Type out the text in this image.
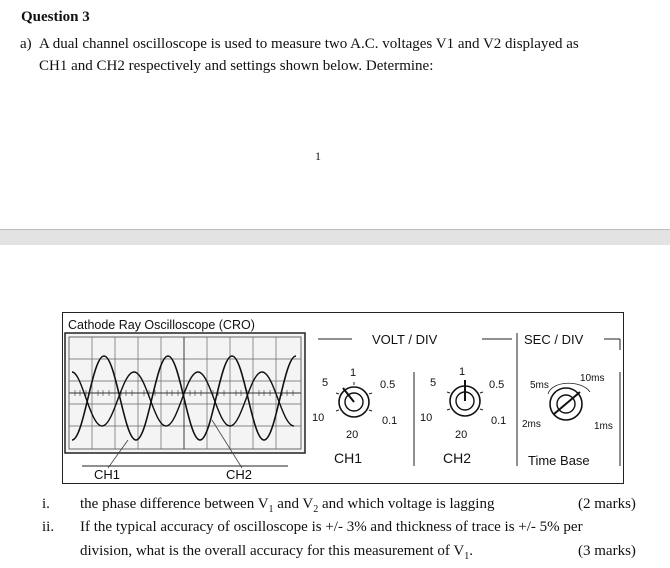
Question 3
a) A dual channel oscilloscope is used to measure two A.C. voltages V1 and V2 displayed as
CH1 and CH2 respectively and settings shown below. Determine:
1
Cathode Ray Oscilloscope (CRO)
CH1	CH2
VOLT / DIV	SEC / DIV
1
5	0.5
10	0.1
20
CH1
1
5	0.5
10	0.1
20
CH2
5ms
10ms
2ms	1ms
Time Base
i.	the phase difference between $V_1$ and $V_2$ and which voltage is lagging	(2 marks)
ii.	If the typical accuracy of oscilloscope is +/- 3% and thickness of trace is +/- 5% per
division, what is the overall accuracy for this measurement of $V_1$.	(3 marks)
